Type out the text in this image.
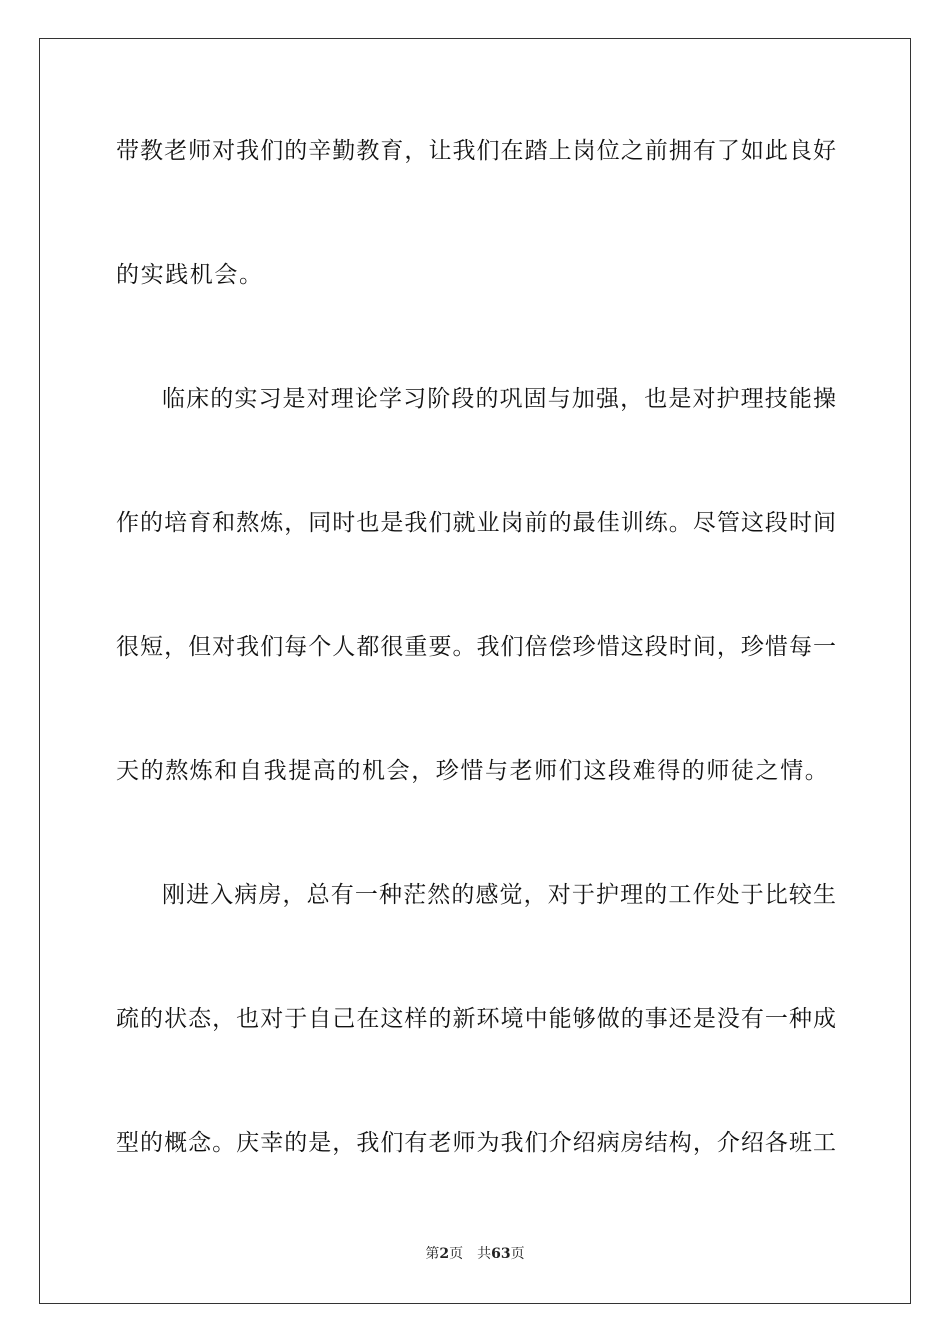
带教老师对我们的辛勤教育，让我们在踏上岗位之前拥有了如此良好
的实践机会。
临床的实习是对理论学习阶段的巩固与加强，也是对护理技能操
作的培育和熬炼，同时也是我们就业岗前的最佳训练。尽管这段时间
很短，但对我们每个人都很重要。我们倍偿珍惜这段时间，珍惜每一
天的熬炼和自我提高的机会，珍惜与老师们这段难得的师徒之情。
刚进入病房，总有一种茫然的感觉，对于护理的工作处于比较生
疏的状态，也对于自己在这样的新环境中能够做的事还是没有一种成
型的概念。庆幸的是，我们有老师为我们介绍病房结构，介绍各班工
第2页 共63页
